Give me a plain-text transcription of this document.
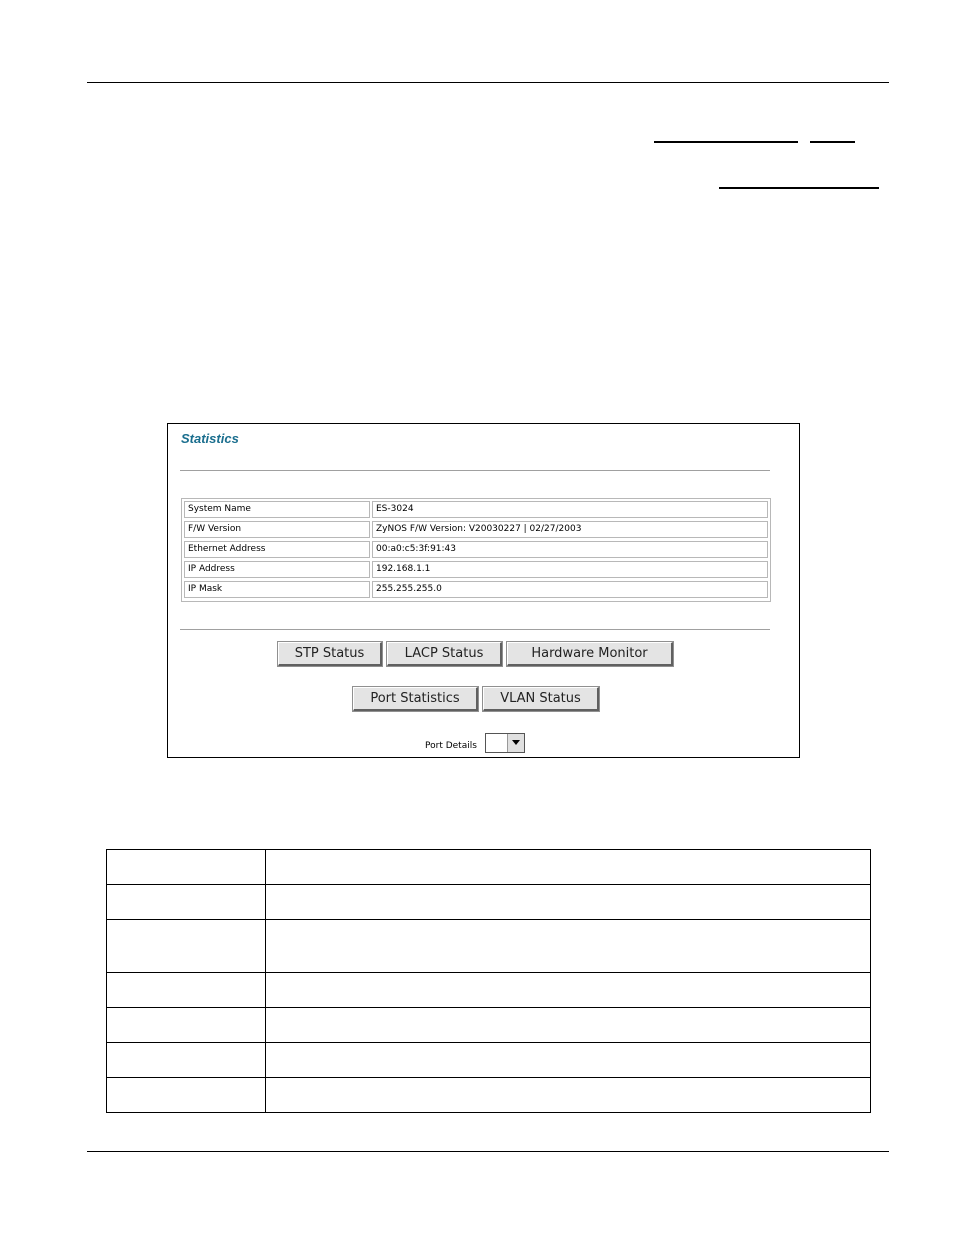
Statistics
System Name	ES-3024
F/W Version	ZyNOS F/W Version: V20030227 | 02/27/2003
Ethernet Address	00:a0:c5:3f:91:43
IP Address	192.168.1.1
IP Mask	255.255.255.0
STP Status	LACP Status	Hardware Monitor
Port Statistics	VLAN Status
Port Details
